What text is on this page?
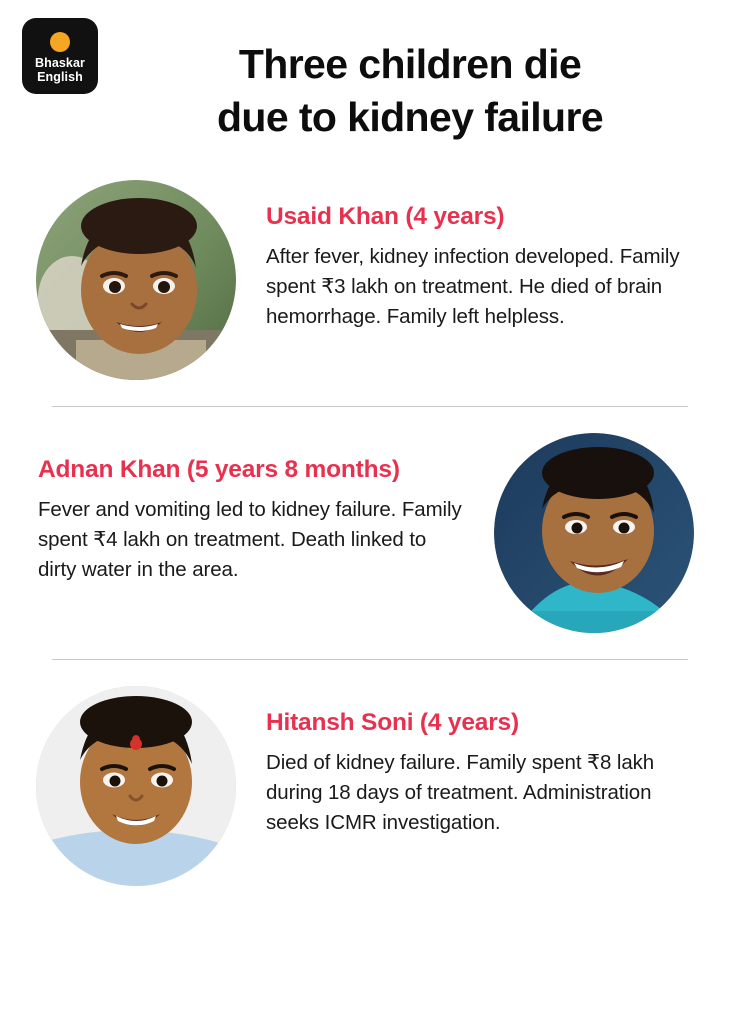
Bhaskar
English	Three children die
due to kidney failure
Usaid Khan (4 years)
After fever, kidney infection developed. Family spent ₹3 lakh on treatment. He died of brain hemorrhage. Family left helpless.
Adnan Khan (5 years 8 months)
Fever and vomiting led to kidney failure. Family spent ₹4 lakh on treatment. Death linked to dirty water in the area.
Hitansh Soni (4 years)
Died of kidney failure. Family spent ₹8 lakh during 18 days of treatment. Administration seeks ICMR investigation.
